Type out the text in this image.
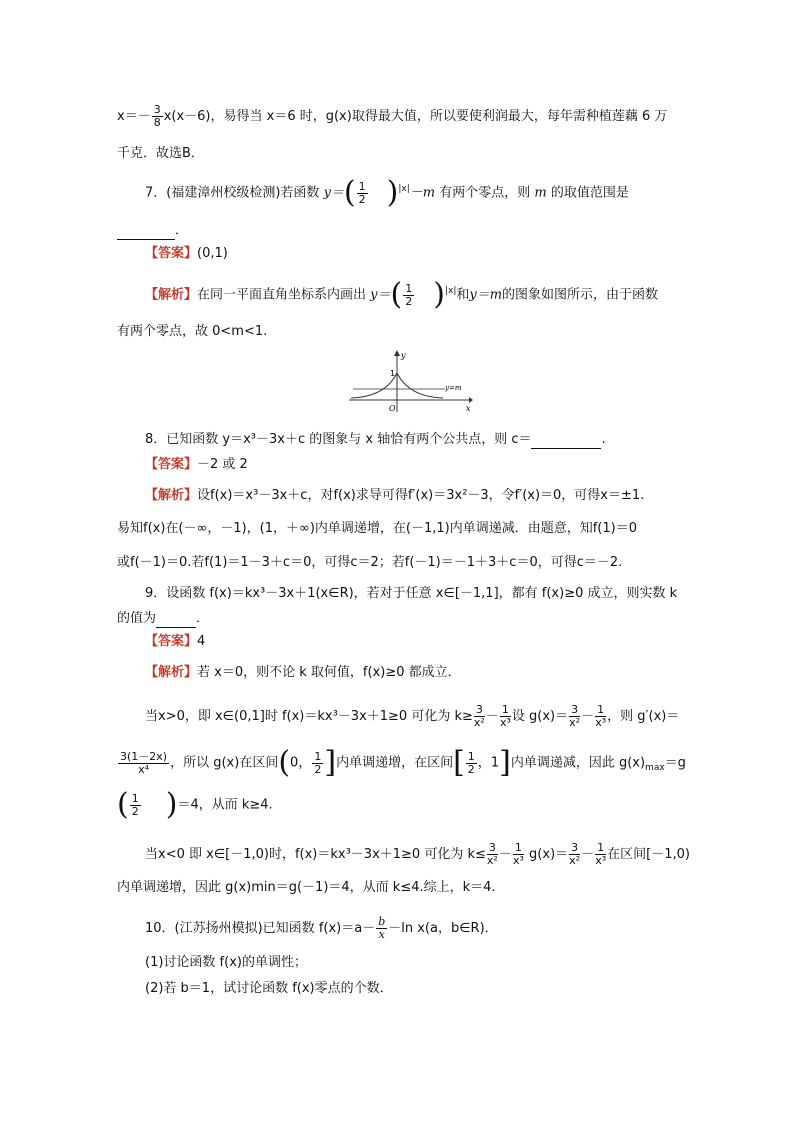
$x=- \frac{3}{8} x(x-6)$，易得当 x＝6 时，g(x)取得最大值，所以要使利润最大，每年需种植莲藕 6 万
千克．故选B．
7．(福建漳州校级检测)若函数 $y=( \frac{1}{2} )^{|x|}-m$ 有两个零点，则 m 的取值范围是
．
【答案】(0,1)
【解析】在同一平面直角坐标系内画出 $y=( \frac{1}{2} )^{|x|}$和y＝m的图象如图所示，由于函数
有两个零点，故 0<m<1.
y
x
O
1
y=m
8．已知函数 y＝x³－3x＋c 的图象与 x 轴恰有两个公共点，则 c＝	.
【答案】－2 或 2
【解析】设f(x)＝x³－3x＋c，对f(x)求导可得f′(x)＝3x²－3，令f′(x)＝0，可得x＝±1.
易知f(x)在(－∞，－1)，(1，＋∞)内单调递增，在(－1,1)内单调递减．由题意，知f(1)＝0
或f(－1)＝0.若f(1)＝1－3＋c＝0，可得c＝2；若f(－1)＝－1＋3＋c＝0，可得c＝－2.
9．设函数 f(x)＝kx³－3x＋1(x∈R)，若对于任意 x∈[－1,1]，都有 f(x)≥0 成立，则实数 k
的值为	．
【答案】4
【解析】若 x＝0，则不论 k 取何值，f(x)≥0 都成立．
当x>0，即 x∈(0,1]时 f(x)＝kx³－3x＋1≥0 可化为 $k\ge \frac{3}{\text{x²}} - \frac{1}{\text{x³}}$ 设 $g(x)= \frac{3}{\text{x²}} - \frac{1}{\text{x³}}$ ，则 g′(x)＝
$\frac{3(1-2x)}{\text{x⁴}}$ ，所以 g(x)在区间(0， $\frac{1}{2}$ ]内单调递增，在区间[ $\frac{1}{2}$ ，1]内单调递减，因此 $g(x)_{max}=g$
( $\frac{1}{2} )=4$，从而 k≥4.
当x<0 即 x∈[－1,0)时，f(x)＝kx³－3x＋1≥0 可化为 $k\le \frac{3}{\text{x²}} - \frac{1}{\text{x³}} g(x)= \frac{3}{\text{x²}} - \frac{1}{\text{x³}}$ 在区间[－1,0)
内单调递增，因此 g(x)min＝g(－1)＝4，从而 k≤4.综上，k＝4.
10．(江苏扬州模拟)已知函数 $f(x)=a- \frac{b}{x} -\ln$ x(a，b∈R)．
(1)讨论函数 f(x)的单调性；
(2)若 b＝1，试讨论函数 f(x)零点的个数．
